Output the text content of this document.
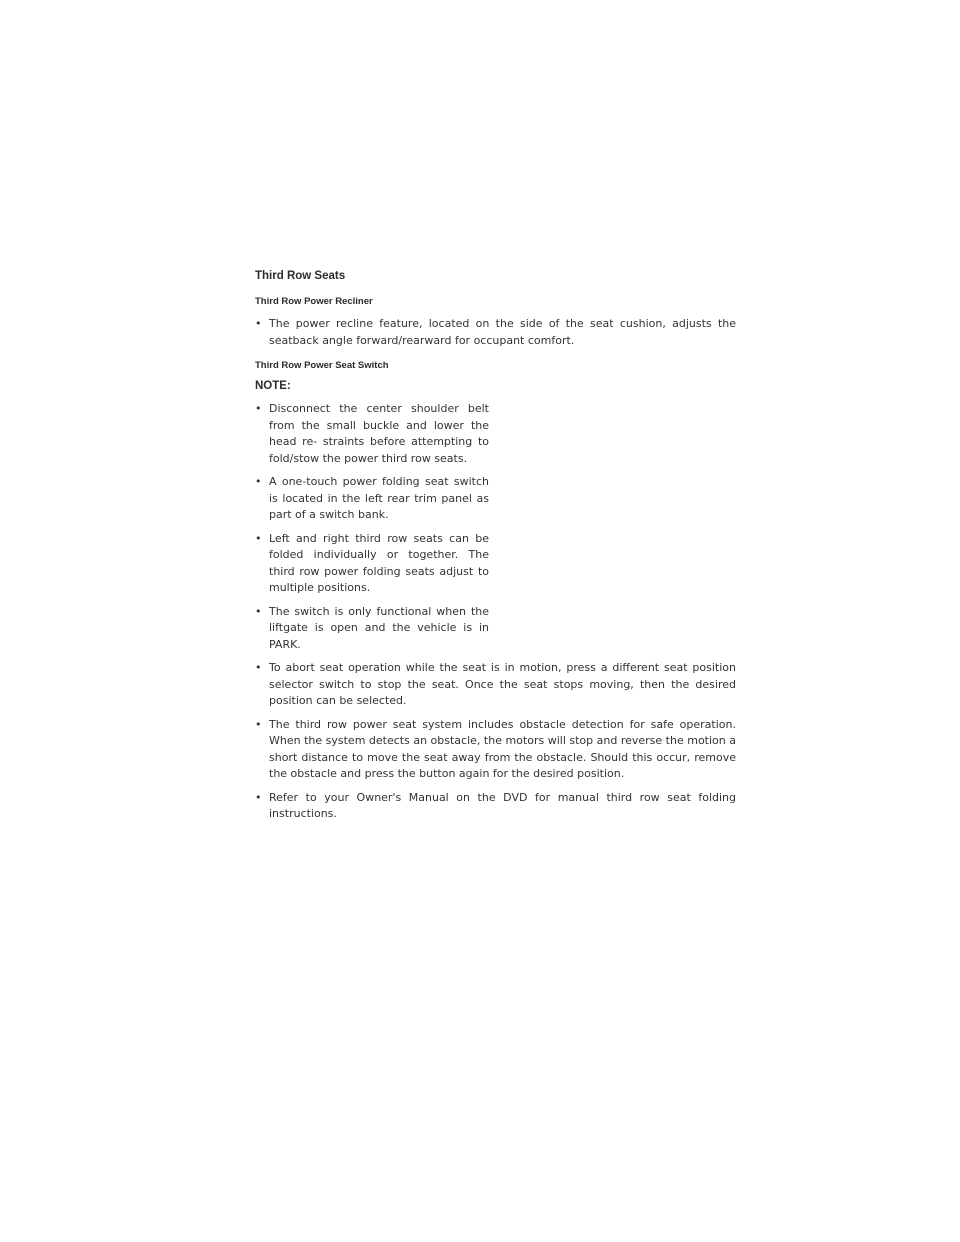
Third Row Seats
Third Row Power Recliner
• The power recline feature, located on the side of the seat cushion, adjusts the seatback angle forward/rearward for occupant comfort.
Third Row Power Seat Switch
NOTE:
• Disconnect the center shoulder belt from the small buckle and lower the head re- straints before attempting to fold/stow the power third row seats.
• A one-touch power folding seat switch is located in the left rear trim panel as part of a switch bank.
• Left and right third row seats can be folded individually or together. The third row power folding seats adjust to multiple positions.
• The switch is only functional when the liftgate is open and the vehicle is in PARK.
• To abort seat operation while the seat is in motion, press a different seat position selector switch to stop the seat. Once the seat stops moving, then the desired position can be selected.
• The third row power seat system includes obstacle detection for safe operation. When the system detects an obstacle, the motors will stop and reverse the motion a short distance to move the seat away from the obstacle. Should this occur, remove the obstacle and press the button again for the desired position.
• Refer to your Owner's Manual on the DVD for manual third row seat folding instructions.
